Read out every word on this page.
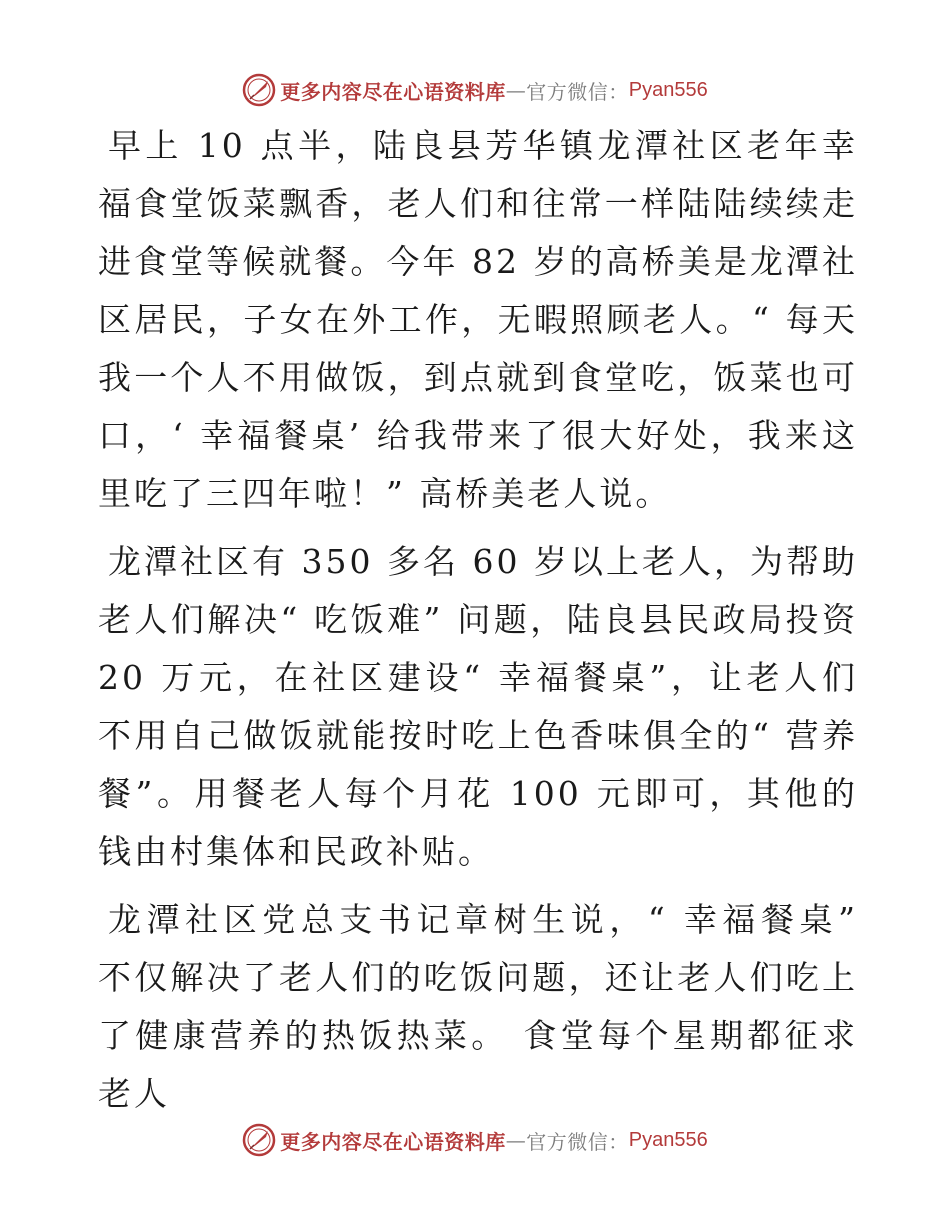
更多内容尽在心语资料库 — 官方微信： Pyan556

早上 10 点半，陆良县芳华镇龙潭社区老年幸福食堂饭菜飘香，老人们和往常一样陆陆续续走进食堂等候就餐。今年 82 岁的高桥美是龙潭社区居民，子女在外工作，无暇照顾老人。“ 每天我一个人不用做饭，到点就到食堂吃，饭菜也可口，‘ 幸福餐桌’ 给我带来了很大好处，我来这里吃了三四年啦！” 高桥美老人说。

龙潭社区有 350 多名 60 岁以上老人，为帮助老人们解决“ 吃饭难” 问题，陆良县民政局投资 20 万元，在社区建设“ 幸福餐桌”，让老人们不用自己做饭就能按时吃上色香味俱全的“ 营养餐”。用餐老人每个月花 100 元即可，其他的钱由村集体和民政补贴。

龙潭社区党总支书记章树生说，“ 幸福餐桌” 不仅解决了老人们的吃饭问题，还让老人们吃上了健康营养的热饭热菜。 食堂每个星期都征求老人

更多内容尽在心语资料库 — 官方微信： Pyan556
